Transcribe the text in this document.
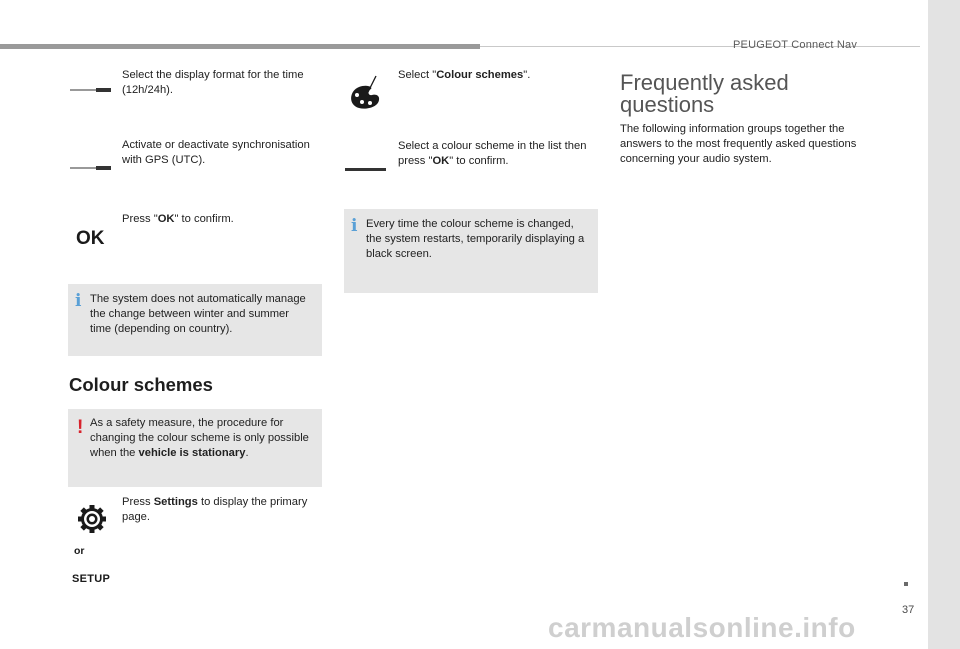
PEUGEOT Connect Nav
37
Select the display format for the time (12h/24h).
Activate or deactivate synchronisation with GPS (UTC).
OK
Press "OK" to confirm.
i The system does not automatically manage the change between winter and summer time (depending on country).
Colour schemes
! As a safety measure, the procedure for changing the colour scheme is only possible when the vehicle is stationary.
Press Settings to display the primary page.
or
SETUP
Select "Colour schemes".
Select a colour scheme in the list then press "OK" to confirm.
i Every time the colour scheme is changed, the system restarts, temporarily displaying a black screen.
Frequently asked
questions
The following information groups together the answers to the most frequently asked questions concerning your audio system.
carmanualsonline.info
